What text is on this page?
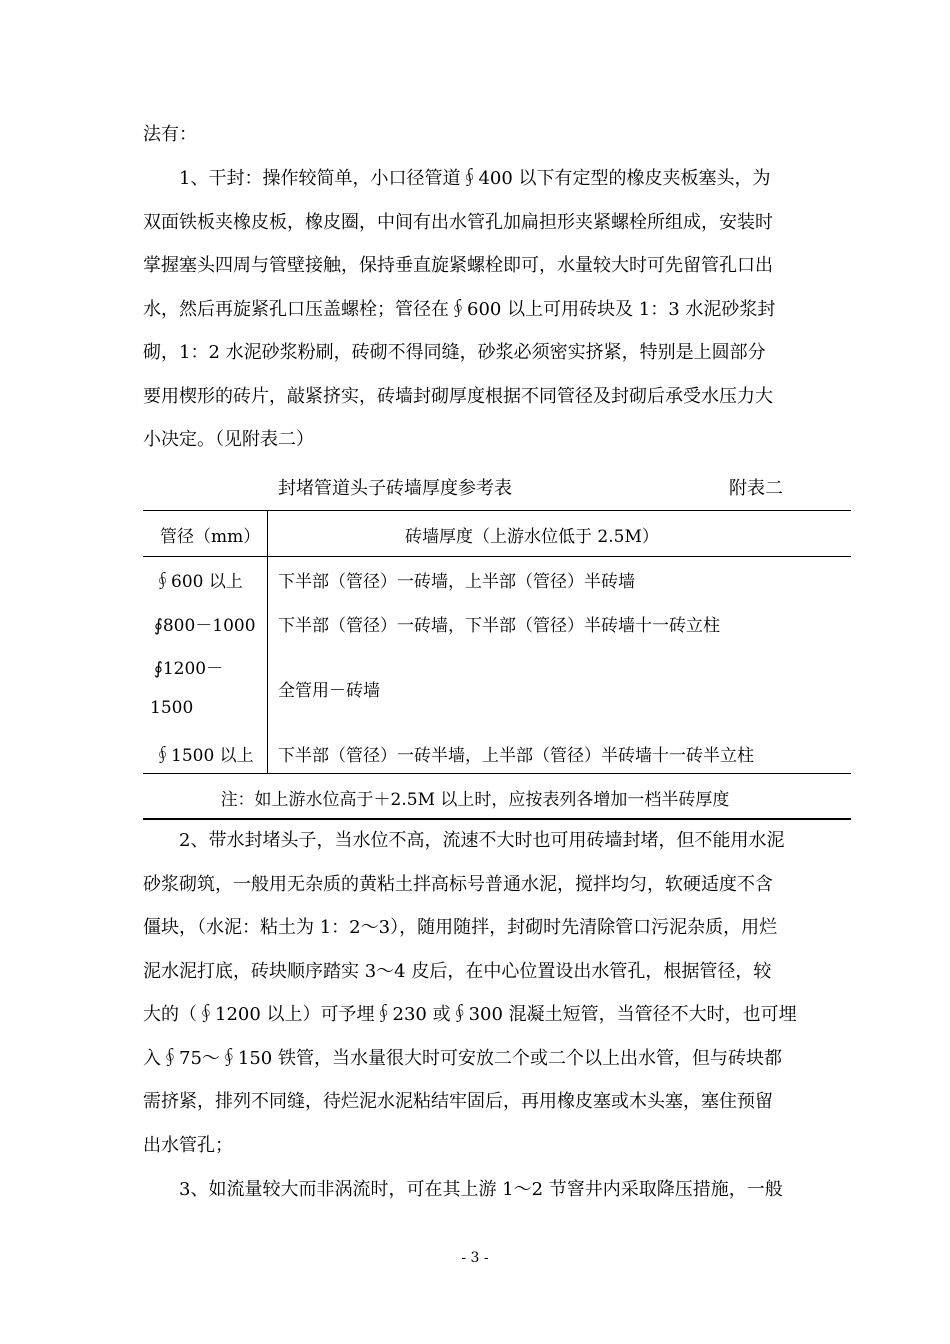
法有：

1、干封：操作较简单，小口径管道∮400 以下有定型的橡皮夹板塞头，为
双面铁板夹橡皮板，橡皮圈，中间有出水管孔加扁担形夹紧螺栓所组成，安装时
掌握塞头四周与管壁接触，保持垂直旋紧螺栓即可，水量较大时可先留管孔口出
水，然后再旋紧孔口压盖螺栓；管径在∮600 以上可用砖块及 1：3 水泥砂浆封
砌，1：2 水泥砂浆粉刷，砖砌不得同缝，砂浆必须密实挤紧，特别是上圆部分
要用楔形的砖片，敲紧挤实，砖墙封砌厚度根据不同管径及封砌后承受水压力大
小决定。（见附表二）

封堵管道头子砖墙厚度参考表	附表二
管径（mm）	砖墙厚度（上游水位低于 2.5M）
∮600 以上 下半部（管径）一砖墙，上半部（管径）半砖墙
∮800－1000 下半部（管径）一砖墙，下半部（管径）半砖墙十一砖立柱
∮1200－
1500
全管用－砖墙
∮1500 以上 下半部（管径）一砖半墙，上半部（管径）半砖墙十一砖半立柱
注：如上游水位高于＋2.5M 以上时，应按表列各增加一档半砖厚度

2、带水封堵头子，当水位不高，流速不大时也可用砖墙封堵，但不能用水泥
砂浆砌筑，一般用无杂质的黄粘土拌高标号普通水泥，搅拌均匀，软硬适度不含
僵块，（水泥：粘土为 1：2～3），随用随拌，封砌时先清除管口污泥杂质，用烂
泥水泥打底，砖块顺序踏实 3～4 皮后，在中心位置设出水管孔，根据管径，较
大的（∮1200 以上）可予埋∮230 或∮300 混凝土短管，当管径不大时，也可埋
入∮75～∮150 铁管，当水量很大时可安放二个或二个以上出水管，但与砖块都
需挤紧，排列不同缝，待烂泥水泥粘结牢固后，再用橡皮塞或木头塞，塞住预留
出水管孔；

3、如流量较大而非涡流时，可在其上游 1～2 节窨井内采取降压措施，一般

- 3 -
